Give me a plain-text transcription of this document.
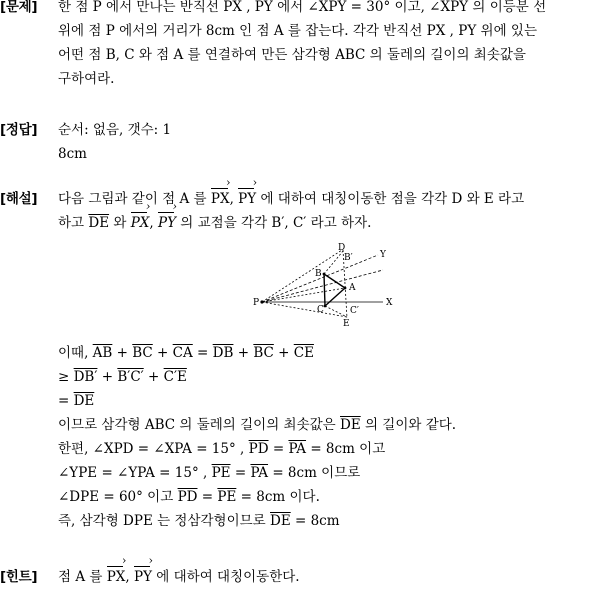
[문제] 한 점 P 에서 만나는 반직선 PX , PY 에서 ∠XPY = 30° 이고, ∠XPY 의 이등분 선
위에 점 P 에서의 거리가 8cm 인 점 A 를 잡는다. 각각 반직선 PX , PY 위에 있는
어떤 점 B, C 와 점 A 를 연결하여 만든 삼각형 ABC 의 둘레의 길이의 최솟값을
구하여라.
[정답] 순서: 없음, 갯수: 1
8cm
[해설] 다음 그림과 같이 점 A 를 PX ›, PY › 에 대하여 대칭이동한 점을 각각 D 와 E 라고
하고 $\overline{DE}$ 와 PX ›, PY › 의 교점을 각각 B′, C′ 라고 하자.
P	X
Y
D
B′
B
A
C	C′
E
이때, $\overline{AB} + \overline{BC} + \overline{CA} = \overline{DB} + \overline{BC} + \overline{CE}$
≥ DB′ + B′C′ + C′E
= $\overline{DE}$
이므로 삼각형 ABC 의 둘레의 길이의 최솟값은 $\overline{DE}$ 의 길이와 같다.
한편, ∠XPD = ∠XPA = 15° , $\overline{PD} = \overline{PA} = 8cm$ 이고
∠YPE = ∠YPA = 15° , $\overline{PE} = \overline{PA} = 8cm$ 이므로
∠DPE = 60° 이고 $\overline{PD} = \overline{PE} = 8cm$ 이다.
즉, 삼각형 DPE 는 정삼각형이므로 $\overline{DE} = 8cm$
[힌트] 점 A 를 PX ›, PY › 에 대하여 대칭이동한다.
